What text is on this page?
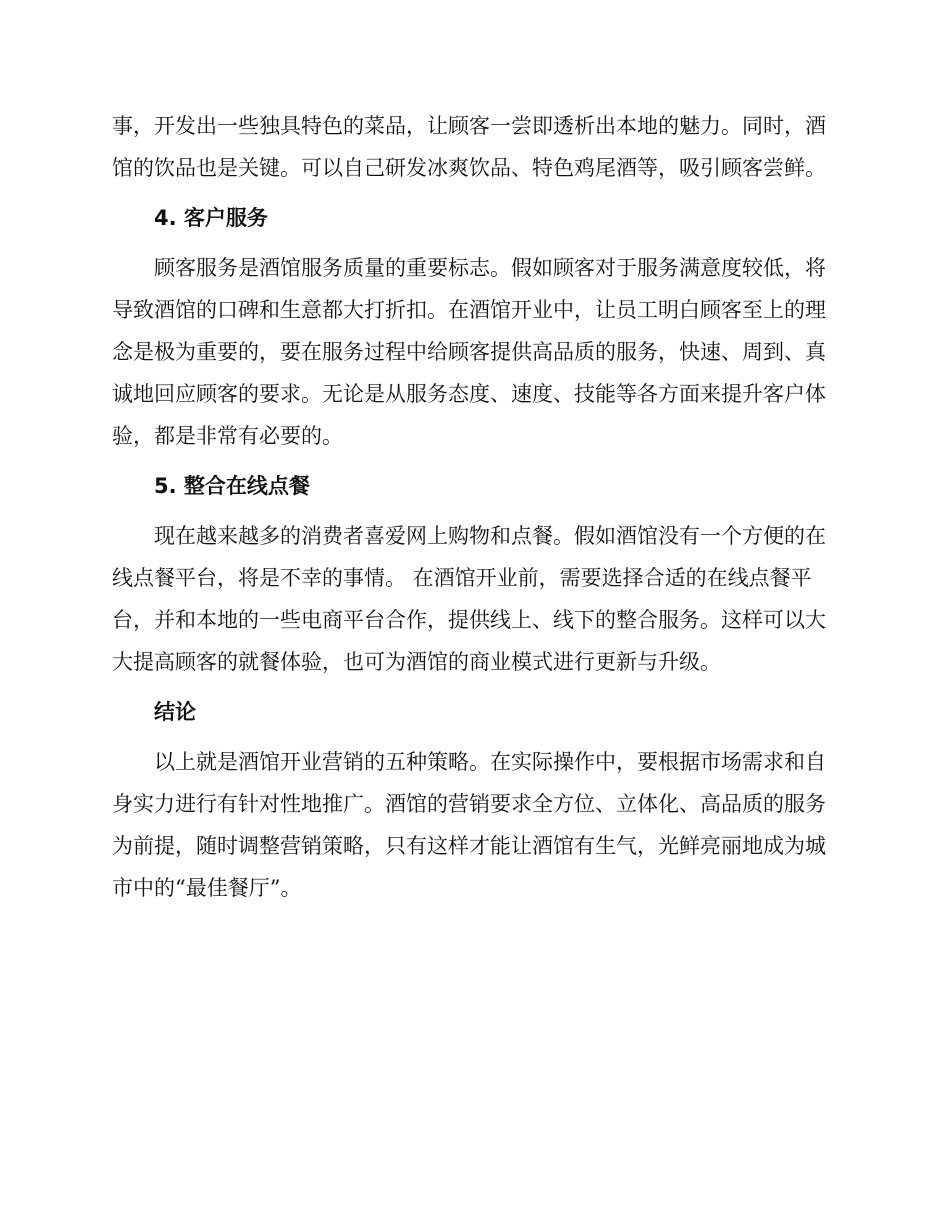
事，开发出一些独具特色的菜品，让顾客一尝即透析出本地的魅力。同时，酒馆的饮品也是关键。可以自己研发冰爽饮品、特色鸡尾酒等，吸引顾客尝鲜。

4. 客户服务

顾客服务是酒馆服务质量的重要标志。假如顾客对于服务满意度较低，将导致酒馆的口碑和生意都大打折扣。在酒馆开业中，让员工明白顾客至上的理念是极为重要的，要在服务过程中给顾客提供高品质的服务，快速、周到、真诚地回应顾客的要求。无论是从服务态度、速度、技能等各方面来提升客户体验，都是非常有必要的。

5. 整合在线点餐

现在越来越多的消费者喜爱网上购物和点餐。假如酒馆没有一个方便的在线点餐平台，将是不幸的事情。 在酒馆开业前，需要选择合适的在线点餐平台，并和本地的一些电商平台合作，提供线上、线下的整合服务。这样可以大大提高顾客的就餐体验，也可为酒馆的商业模式进行更新与升级。

结论

以上就是酒馆开业营销的五种策略。在实际操作中，要根据市场需求和自身实力进行有针对性地推广。酒馆的营销要求全方位、立体化、高品质的服务为前提，随时调整营销策略，只有这样才能让酒馆有生气，光鲜亮丽地成为城市中的“最佳餐厅”。
